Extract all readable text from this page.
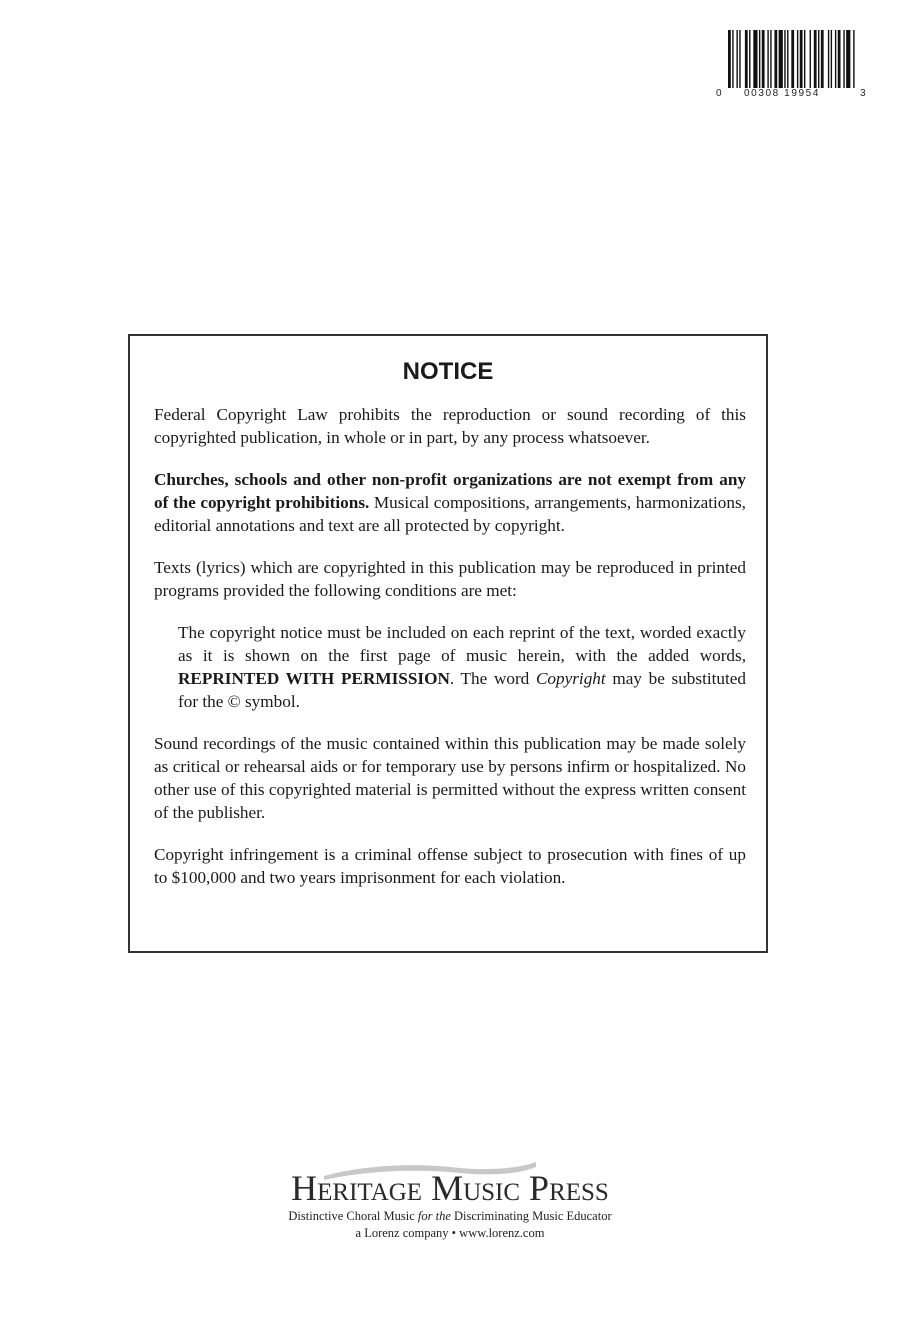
0 00308 19954	3
NOTICE

Federal Copyright Law prohibits the reproduction or sound recording of this copyrighted publication, in whole or in part, by any process whatsoever.

Churches, schools and other non-profit organizations are not exempt from any of the copyright prohibitions. Musical compositions, arrangements, harmonizations, editorial annotations and text are all protected by copyright.

Texts (lyrics) which are copyrighted in this publication may be reproduced in printed programs provided the following conditions are met:

The copyright notice must be included on each reprint of the text, worded exactly as it is shown on the first page of music herein, with the added words, REPRINTED WITH PERMISSION. The word Copyright may be substituted for the © symbol.

Sound recordings of the music contained within this publication may be made solely as critical or rehearsal aids or for temporary use by persons infirm or hospitalized. No other use of this copyrighted material is permitted without the express written consent of the publisher.

Copyright infringement is a criminal offense subject to prosecution with fines of up to $100,000 and two years imprisonment for each violation.

Heritage Music Press
Distinctive Choral Music for the Discriminating Music Educator
a Lorenz company • www.lorenz.com
